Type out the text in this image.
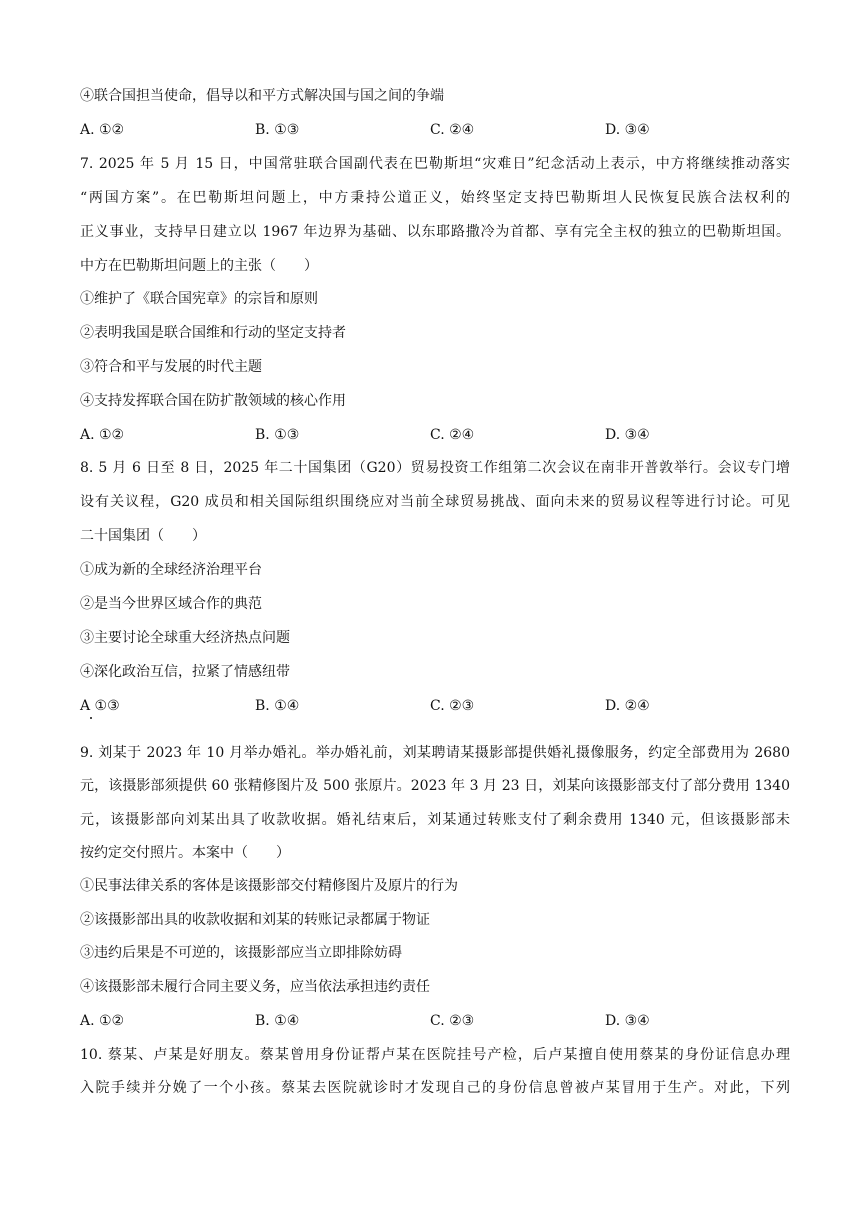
④联合国担当使命，倡导以和平方式解决国与国之间的争端
A. ①②	B. ①③	C. ②④	D. ③④
7. 2025 年 5 月 15 日，中国常驻联合国副代表在巴勒斯坦“灾难日”纪念活动上表示，中方将继续推动落实
“两国方案”。在巴勒斯坦问题上，中方秉持公道正义，始终坚定支持巴勒斯坦人民恢复民族合法权利的
正义事业，支持早日建立以 1967 年边界为基础、以东耶路撒冷为首都、享有完全主权的独立的巴勒斯坦国。
中方在巴勒斯坦问题上的主张（　　）
①维护了《联合国宪章》的宗旨和原则
②表明我国是联合国维和行动的坚定支持者
③符合和平与发展的时代主题
④支持发挥联合国在防扩散领域的核心作用
A. ①②	B. ①③	C. ②④	D. ③④
8. 5 月 6 日至 8 日，2025 年二十国集团（G20）贸易投资工作组第二次会议在南非开普敦举行。会议专门增
设有关议程，G20 成员和相关国际组织围绕应对当前全球贸易挑战、面向未来的贸易议程等进行讨论。可见
二十国集团（　　）
①成为新的全球经济治理平台
②是当今世界区域合作的典范
③主要讨论全球重大经济热点问题
④深化政治互信，拉紧了情感纽带
A ①③	B. ①④	C. ②③	D. ②④
9. 刘某于 2023 年 10 月举办婚礼。举办婚礼前，刘某聘请某摄影部提供婚礼摄像服务，约定全部费用为 2680
元，该摄影部须提供 60 张精修图片及 500 张原片。2023 年 3 月 23 日，刘某向该摄影部支付了部分费用 1340
元，该摄影部向刘某出具了收款收据。婚礼结束后，刘某通过转账支付了剩余费用 1340 元，但该摄影部未
按约定交付照片。本案中（　　）
①民事法律关系的客体是该摄影部交付精修图片及原片的行为
②该摄影部出具的收款收据和刘某的转账记录都属于物证
③违约后果是不可逆的，该摄影部应当立即排除妨碍
④该摄影部未履行合同主要义务，应当依法承担违约责任
A. ①②	B. ①④	C. ②③	D. ③④
10. 蔡某、卢某是好朋友。蔡某曾用身份证帮卢某在医院挂号产检，后卢某擅自使用蔡某的身份证信息办理
入院手续并分娩了一个小孩。蔡某去医院就诊时才发现自己的身份信息曾被卢某冒用于生产。对此，下列
